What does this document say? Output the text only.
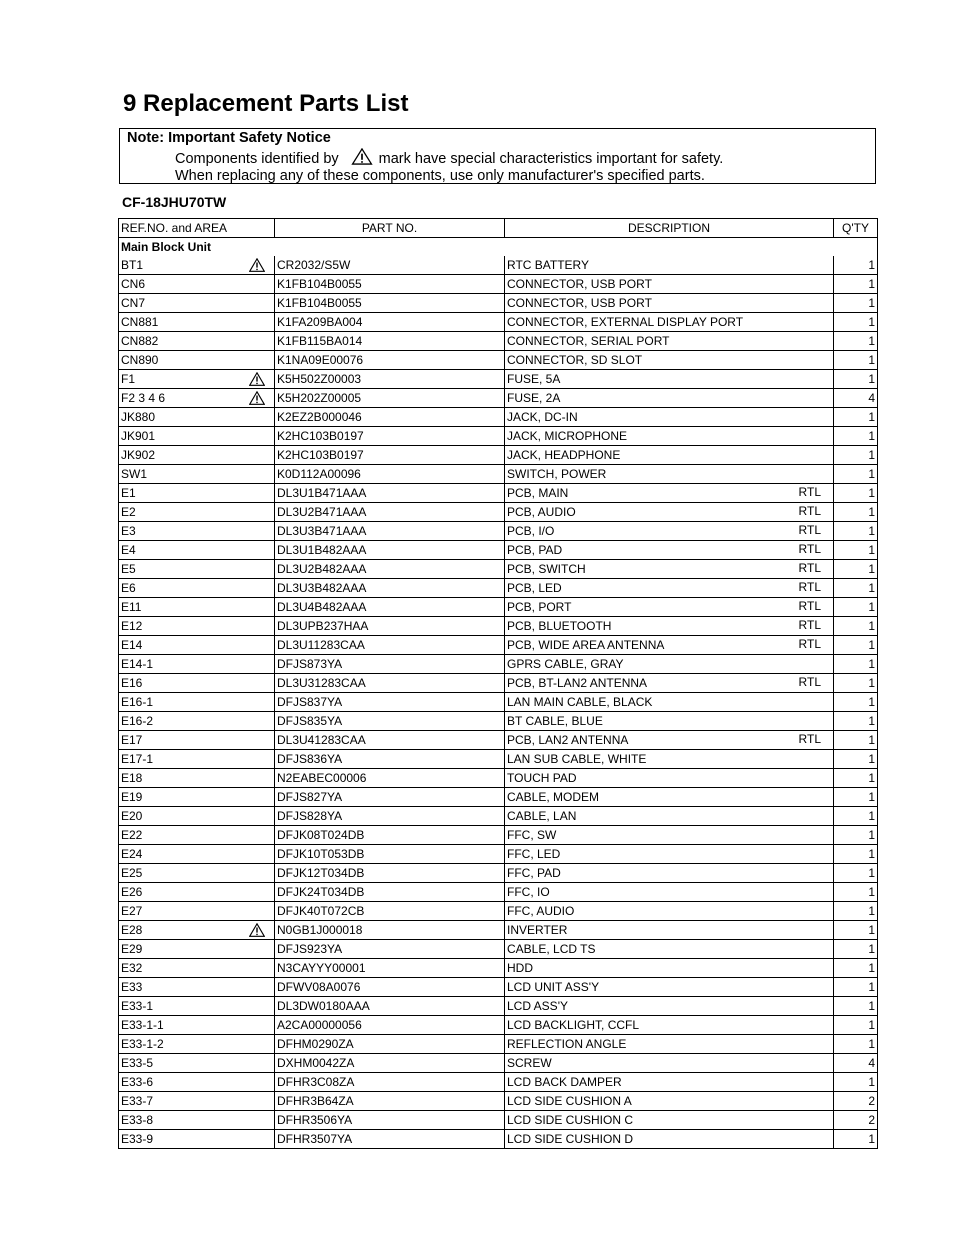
9 Replacement Parts List
Note: Important Safety Notice
Components identified by	mark have special characteristics important for safety.
When replacing any of these components, use only manufacturer's specified parts.
CF-18JHU70TW
REF.NO. and AREA	PART NO.	DESCRIPTION	Q'TY
Main Block Unit			
BT1	CR2032/S5W	RTC BATTERY	1
CN6	K1FB104B0055	CONNECTOR, USB PORT	1
CN7	K1FB104B0055	CONNECTOR, USB PORT	1
CN881	K1FA209BA004	CONNECTOR, EXTERNAL DISPLAY PORT	1
CN882	K1FB115BA014	CONNECTOR, SERIAL PORT	1
CN890	K1NA09E00076	CONNECTOR, SD SLOT	1
F1	K5H502Z00003	FUSE, 5A	1
F2 3 4 6	K5H202Z00005	FUSE, 2A	4
JK880	K2EZ2B000046	JACK, DC-IN	1
JK901	K2HC103B0197	JACK, MICROPHONE	1
JK902	K2HC103B0197	JACK, HEADPHONE	1
SW1	K0D112A00096	SWITCH, POWER	1
E1	DL3U1B471AAA	PCB, MAIN RTL	1
E2	DL3U2B471AAA	PCB, AUDIO RTL	1
E3	DL3U3B471AAA	PCB, I/O RTL	1
E4	DL3U1B482AAA	PCB, PAD RTL	1
E5	DL3U2B482AAA	PCB, SWITCH RTL	1
E6	DL3U3B482AAA	PCB, LED RTL	1
E11	DL3U4B482AAA	PCB, PORT RTL	1
E12	DL3UPB237HAA	PCB, BLUETOOTH RTL	1
E14	DL3U11283CAA	PCB, WIDE AREA ANTENNA RTL	1
E14-1	DFJS873YA	GPRS CABLE, GRAY	1
E16	DL3U31283CAA	PCB, BT-LAN2 ANTENNA RTL	1
E16-1	DFJS837YA	LAN MAIN CABLE, BLACK	1
E16-2	DFJS835YA	BT CABLE, BLUE	1
E17	DL3U41283CAA	PCB, LAN2 ANTENNA RTL	1
E17-1	DFJS836YA	LAN SUB CABLE, WHITE	1
E18	N2EABEC00006	TOUCH PAD	1
E19	DFJS827YA	CABLE, MODEM	1
E20	DFJS828YA	CABLE, LAN	1
E22	DFJK08T024DB	FFC, SW	1
E24	DFJK10T053DB	FFC, LED	1
E25	DFJK12T034DB	FFC, PAD	1
E26	DFJK24T034DB	FFC, IO	1
E27	DFJK40T072CB	FFC, AUDIO	1
E28	N0GB1J000018	INVERTER	1
E29	DFJS923YA	CABLE, LCD TS	1
E32	N3CAYYY00001	HDD	1
E33	DFWV08A0076	LCD UNIT ASS'Y	1
E33-1	DL3DW0180AAA	LCD ASS'Y	1
E33-1-1	A2CA00000056	LCD BACKLIGHT, CCFL	1
E33-1-2	DFHM0290ZA	REFLECTION ANGLE	1
E33-5	DXHM0042ZA	SCREW	4
E33-6	DFHR3C08ZA	LCD BACK DAMPER	1
E33-7	DFHR3B64ZA	LCD SIDE CUSHION A	2
E33-8	DFHR3506YA	LCD SIDE CUSHION C	2
E33-9	DFHR3507YA	LCD SIDE CUSHION D	1
